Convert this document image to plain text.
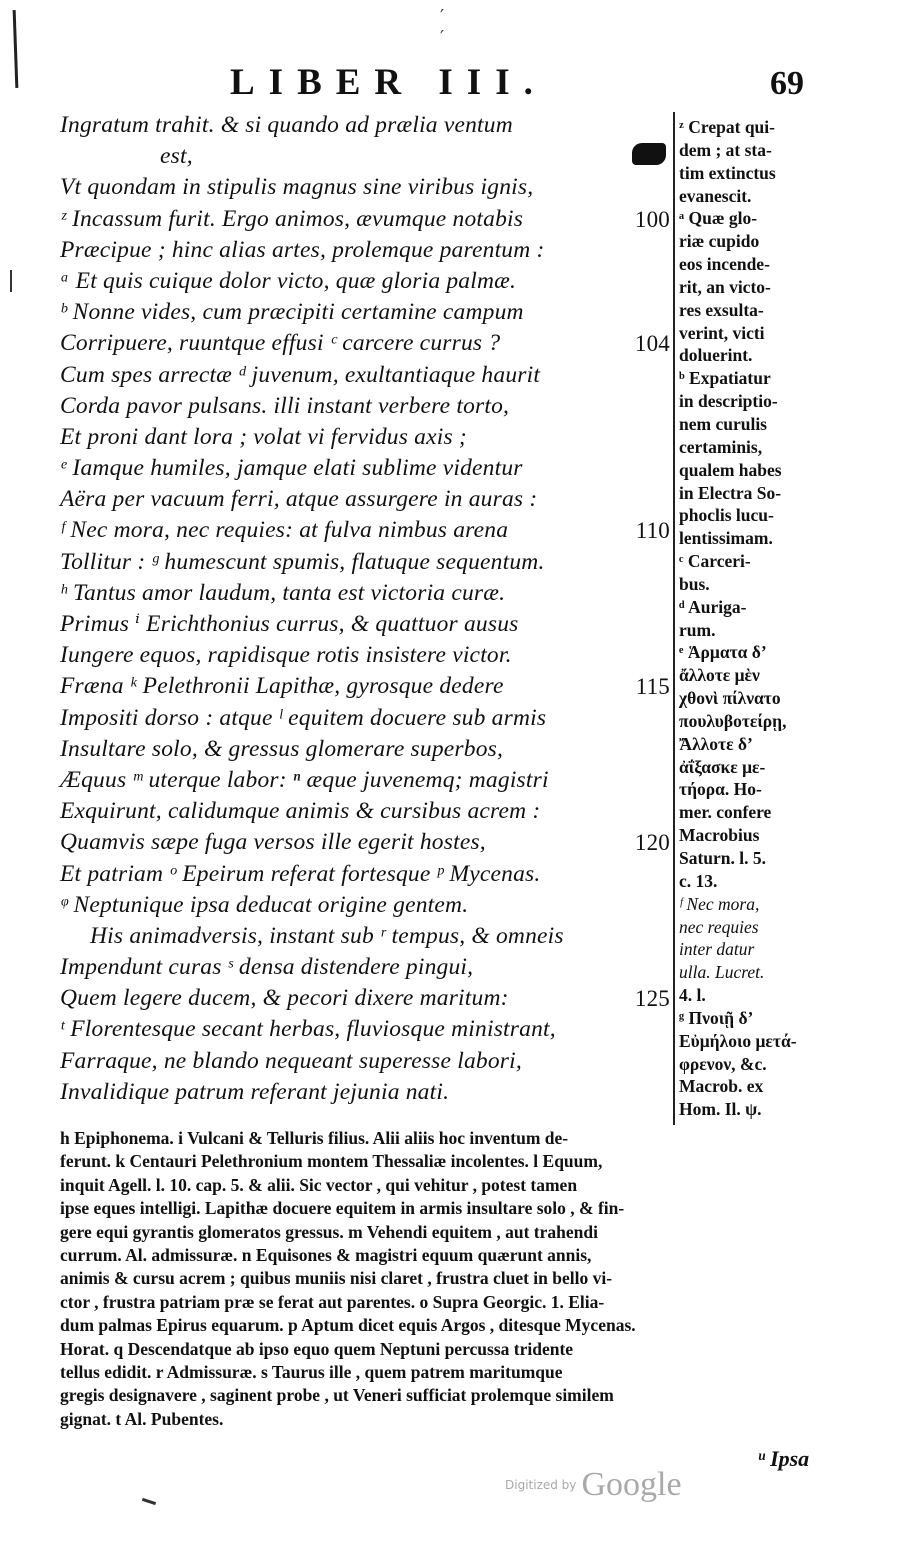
′ ′
LIBER III.	69
Ingratum trahit. & si quando ad prælia ventum
est,
Vt quondam in stipulis magnus sine viribus ignis,
ᶻ Incassum furit. Ergo animos, ævumque notabis	100
Præcipue ; hinc alias artes, prolemque parentum :
ᵃ Et quis cuique dolor victo, quæ gloria palmæ.
ᵇ Nonne vides, cum præcipiti certamine campum
Corripuere, ruuntque effusi ᶜ carcere currus ?	104
Cum spes arrectæ ᵈ juvenum, exultantiaque haurit
Corda pavor pulsans. illi instant verbere torto,
Et proni dant lora ; volat vi fervidus axis ;
ᵉ Iamque humiles, jamque elati sublime videntur
Aëra per vacuum ferri, atque assurgere in auras :
ᶠ Nec mora, nec requies: at fulva nimbus arena	110
Tollitur : ᵍ humescunt spumis, flatuque sequentum.
ʰ Tantus amor laudum, tanta est victoria curæ.
Primus ⁱ Erichthonius currus, & quattuor ausus
Iungere equos, rapidisque rotis insistere victor.
Fræna ᵏ Pelethronii Lapithæ, gyrosque dedere	115
Impositi dorso : atque ˡ equitem docuere sub armis
Insultare solo, & gressus glomerare superbos,
Æquus ᵐ uterque labor: ⁿ æque juvenemq; magistri
Exquirunt, calidumque animis & cursibus acrem :
Quamvis sæpe fuga versos ille egerit hostes,	120
Et patriam ᵒ Epeirum referat fortesque ᵖ Mycenas.
ᵠ Neptunique ipsa deducat origine gentem.
His animadversis, instant sub ʳ tempus, & omneis
Impendunt curas ˢ densa distendere pingui,
Quem legere ducem, & pecori dixere maritum:	125
ᵗ Florentesque secant herbas, fluviosque ministrant,
Farraque, ne blando nequeant superesse labori,
Invalidique patrum referant jejunia nati.
ᶻ Crepat qui-
dem ; at sta-
tim extinctus
evanescit.
ᵃ Quæ glo-
riæ cupido
eos incende-
rit, an victo-
res exsulta-
verint, victi
doluerint.
ᵇ Expatiatur
in descriptio-
nem curulis
certaminis,
qualem habes
in Electra So-
phoclis lucu-
lentissimam.
ᶜ Carceri-
bus.
ᵈ Auriga-
rum.
ᵉ Ἁρματα δ’
ἄλλοτε μὲν
χθονὶ πίλνατο
πουλυβοτείρῃ,
Ἄλλοτε δ’
ἀΐξασκε με-
τήορα. Ho-
mer. confere
Macrobius
Saturn. l. 5.
c. 13.
ᶠ Nec mora,
nec requies
inter datur
ulla. Lucret.
4. l.
ᵍ Πνοιῇ δ’
Εὐμήλοιο μετά-
φρενον, &c.
Macrob. ex
Hom. Il. ψ.
h Epiphonema. i Vulcani & Telluris filius. Alii aliis hoc inventum de-
ferunt. k Centauri Pelethronium montem Thessaliæ incolentes. l Equum,
inquit Agell. l. 10. cap. 5. & alii. Sic vector , qui vehitur , potest tamen
ipse eques intelligi. Lapithæ docuere equitem in armis insultare solo , & fin-
gere equi gyrantis glomeratos gressus. m Vehendi equitem , aut trahendi
currum. Al. admissuræ. n Equisones & magistri equum quærunt annis,
animis & cursu acrem ; quibus muniis nisi claret , frustra cluet in bello vi-
ctor , frustra patriam præ se ferat aut parentes. o Supra Georgic. 1. Elia-
dum palmas Epirus equarum. p Aptum dicet equis Argos , ditesque Mycenas.
Horat. q Descendatque ab ipso equo quem Neptuni percussa tridente
tellus edidit. r Admissuræ. s Taurus ille , quem patrem maritumque
gregis designavere , saginent probe , ut Veneri sufficiat prolemque similem
gignat. t Al. Pubentes.
ᵘ Ipsa
Digitized by Google
